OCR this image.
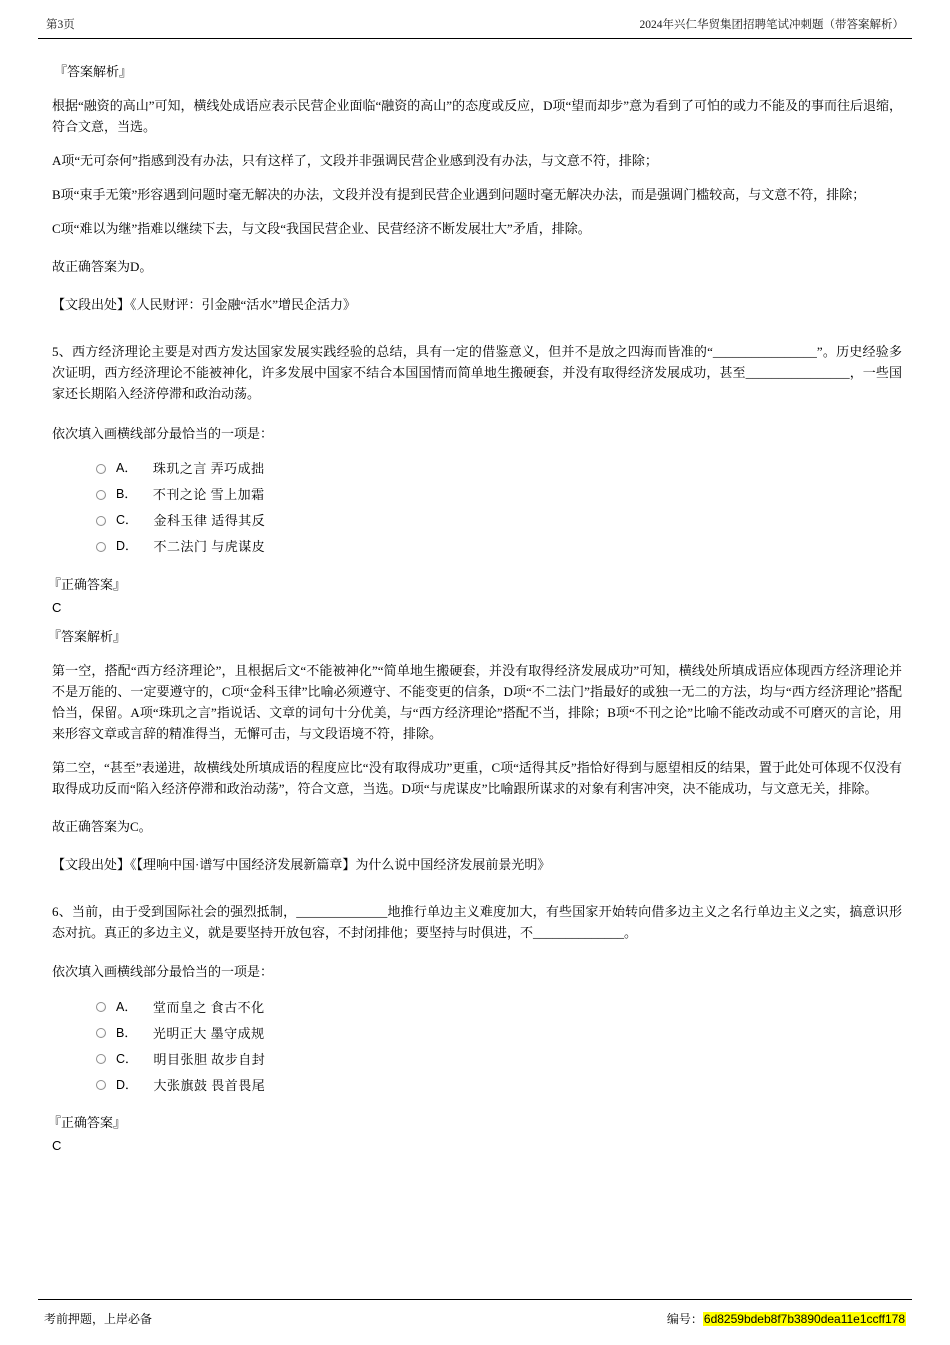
第3页	2024年兴仁华贸集团招聘笔试冲刺题（带答案解析）

『答案解析』

根据“融资的高山”可知，横线处成语应表示民营企业面临“融资的高山”的态度或反应，D项“望而却步”意为看到了可怕的或力不能及的事而往后退缩，符合文意，当选。

A项“无可奈何”指感到没有办法，只有这样了，文段并非强调民营企业感到没有办法，与文意不符，排除；

B项“束手无策”形容遇到问题时毫无解决的办法，文段并没有提到民营企业遇到问题时毫无解决办法，而是强调门槛较高，与文意不符，排除；

C项“难以为继”指难以继续下去，与文段“我国民营企业、民营经济不断发展壮大”矛盾，排除。

故正确答案为D。

【文段出处】《人民财评：引金融“活水”增民企活力》

5、西方经济理论主要是对西方发达国家发展实践经验的总结，具有一定的借鉴意义，但并不是放之四海而皆准的“________________”。历史经验多次证明，西方经济理论不能被神化，许多发展中国家不结合本国国情而简单地生搬硬套，并没有取得经济发展成功，甚至________________，一些国家还长期陷入经济停滞和政治动荡。

依次填入画横线部分最恰当的一项是：

A． 珠玑之言 弄巧成拙
B． 不刊之论 雪上加霜
C． 金科玉律 适得其反
D． 不二法门 与虎谋皮

『正确答案』

C

『答案解析』

第一空，搭配“西方经济理论”，且根据后文“不能被神化”“简单地生搬硬套，并没有取得经济发展成功”可知，横线处所填成语应体现西方经济理论并不是万能的、一定要遵守的，C项“金科玉律”比喻必须遵守、不能变更的信条，D项“不二法门”指最好的或独一无二的方法，均与“西方经济理论”搭配恰当，保留。A项“珠玑之言”指说话、文章的词句十分优美，与“西方经济理论”搭配不当，排除；B项“不刊之论”比喻不能改动或不可磨灭的言论，用来形容文章或言辞的精准得当，无懈可击，与文段语境不符，排除。

第二空，“甚至”表递进，故横线处所填成语的程度应比“没有取得成功”更重，C项“适得其反”指恰好得到与愿望相反的结果，置于此处可体现不仅没有取得成功反而“陷入经济停滞和政治动荡”，符合文意，当选。D项“与虎谋皮”比喻跟所谋求的对象有利害冲突，决不能成功，与文意无关，排除。

故正确答案为C。

【文段出处】《【理响中国·谱写中国经济发展新篇章】为什么说中国经济发展前景光明》

6、当前，由于受到国际社会的强烈抵制，______________地推行单边主义难度加大，有些国家开始转向借多边主义之名行单边主义之实，搞意识形态对抗。真正的多边主义，就是要坚持开放包容，不封闭排他；要坚持与时俱进，不______________。

依次填入画横线部分最恰当的一项是：

A． 堂而皇之 食古不化
B． 光明正大 墨守成规
C． 明目张胆 故步自封
D． 大张旗鼓 畏首畏尾

『正确答案』

C

考前押题，上岸必备	编号：6d8259bdeb8f7b3890dea11e1ccff178
